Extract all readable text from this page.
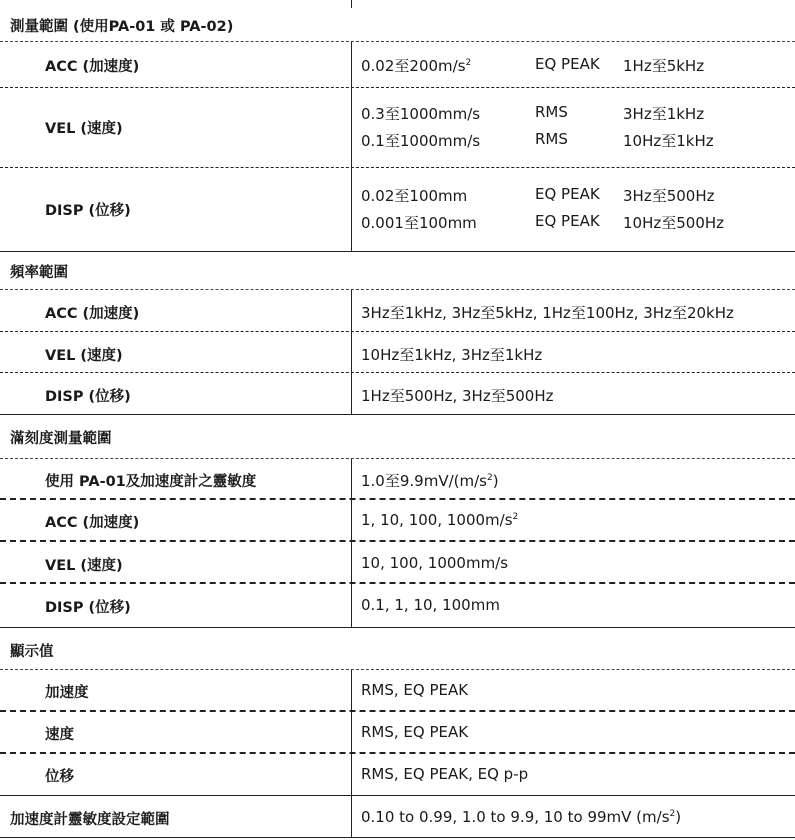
測量範圍 (使用PA-01 或 PA-02)
ACC (加速度)	0.02至$200m/s^2$	EQ PEAK 1Hz至5kHz
VEL (速度)
0.3至1000mm/s	RMS	3Hz至1kHz
0.1至1000mm/s	RMS	10Hz至1kHz
DISP (位移)
0.02至100mm	EQ PEAK 3Hz至500Hz
0.001至100mm	EQ PEAK 10Hz至500Hz
頻率範圍
ACC (加速度)	3Hz至1kHz, 3Hz至5kHz, 1Hz至100Hz, 3Hz至20kHz
VEL (速度)	10Hz至1kHz, 3Hz至1kHz
DISP (位移)	1Hz至500Hz, 3Hz至500Hz
滿刻度測量範圍
使用 PA-01及加速度計之靈敏度	1.0至$9.9mV/(m/s^2)$
ACC (加速度)	1, 10, 100, $1000m/s^2$
VEL (速度)	10, 100, 1000mm/s
DISP (位移)	0.1, 1, 10, 100mm
顯示值
加速度	RMS, EQ PEAK
速度	RMS, EQ PEAK
位移	RMS, EQ PEAK, EQ p-p
加速度計靈敏度設定範圍	0.10 to 0.99, 1.0 to 9.9, 10 to 99mV $(m/s^2)$
